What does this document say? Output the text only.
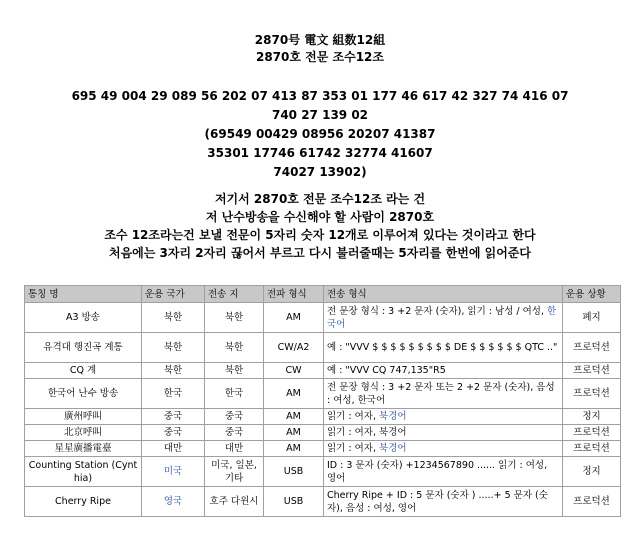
2870号 電文 組数12組
2870호 전문 조수12조
695 49 004 29 089 56 202 07 413 87 353 01 177 46 617 42 327 74 416 07
740 27 139 02
(69549 00429 08956 20207 41387
35301 17746 61742 32774 41607
74027 13902)
저기서 2870호 전문 조수12조 라는 건
저 난수방송을 수신해야 할 사람이 2870호
조수 12조라는건 보낼 전문이 5자리 숫자 12개로 이루어져 있다는 것이라고 한다
처음에는 3자리 2자리 끊어서 부르고 다시 불러줄때는 5자리를 한번에 읽어준다
통칭 명	운용 국가	전송 지	전파 형식	전송 형식	운용 상황
A3 방송	북한	북한	AM	전 문장 형식 : 3 +2 문자 (숫자), 읽기 : 남성 / 여성, 한국어	폐지
유격대 행진곡 계통	북한	북한	CW/A2	예 : "VVV $ $ $ $ $ $ $ $ $ DE $ $ $ $ $ $ QTC .."	프로덕션
CQ 계	북한	북한	CW	예 : "VVV CQ 747,135"R5	프로덕션
한국어 난수 방송	한국	한국	AM	전 문장 형식 : 3 +2 문자 또는 2 +2 문자 (숫자), 음성 : 여성, 한국어	프로덕션
廣州呼叫	중국	중국	AM	읽기 : 여자, 북경어	정지
北京呼叫	중국	중국	AM	읽기 : 여자, 북경어	프로덕션
星星廣播電臺	대만	대만	AM	읽기 : 여자, 북경어	프로덕션
Counting Station (Cynthia)	미국	미국, 일본, 기타	USB	ID : 3 문자 (숫자) +1234567890 ...... 읽기 : 여성, 영어	정지
Cherry Ripe	영국	호주 다윈시	USB	Cherry Ripe + ID : 5 문자 (숫자 ) .....+ 5 문자 (숫자), 음성 : 여성, 영어	프로덕션
